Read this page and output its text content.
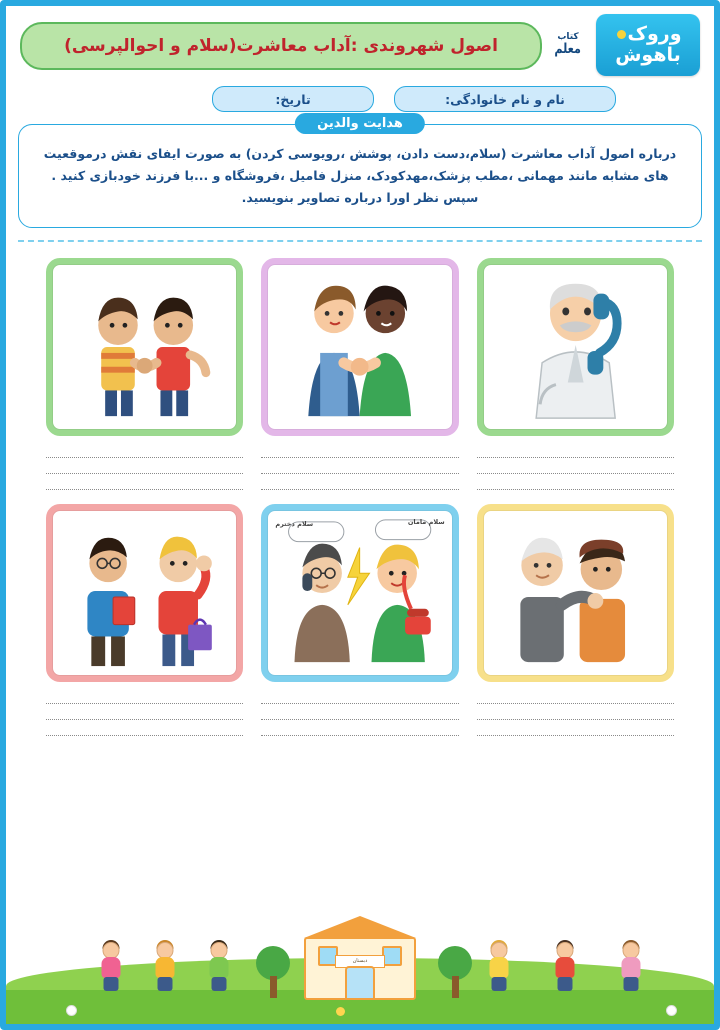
وروک
باهوش
کتاب
معلم
اصول شهروندی :آداب معاشرت(سلام و احوالپرسی)
نام و نام خانوادگی:
تاریخ:
هدایت والدین

درباره اصول آداب معاشرت (سلام،دست دادن، پوشش ،رویوسی کردن) به صورت ایفای نقش درموقعیت های مشابه مانند مهمانی ،مطب پزشک،مهدکودک، منزل فامیل ،فروشگاه و ...با فرزند خودبازی کنید . سپس نظر اورا درباره تصاویر بنویسید.

سلام مامان
سلام دخترم
دبستان
